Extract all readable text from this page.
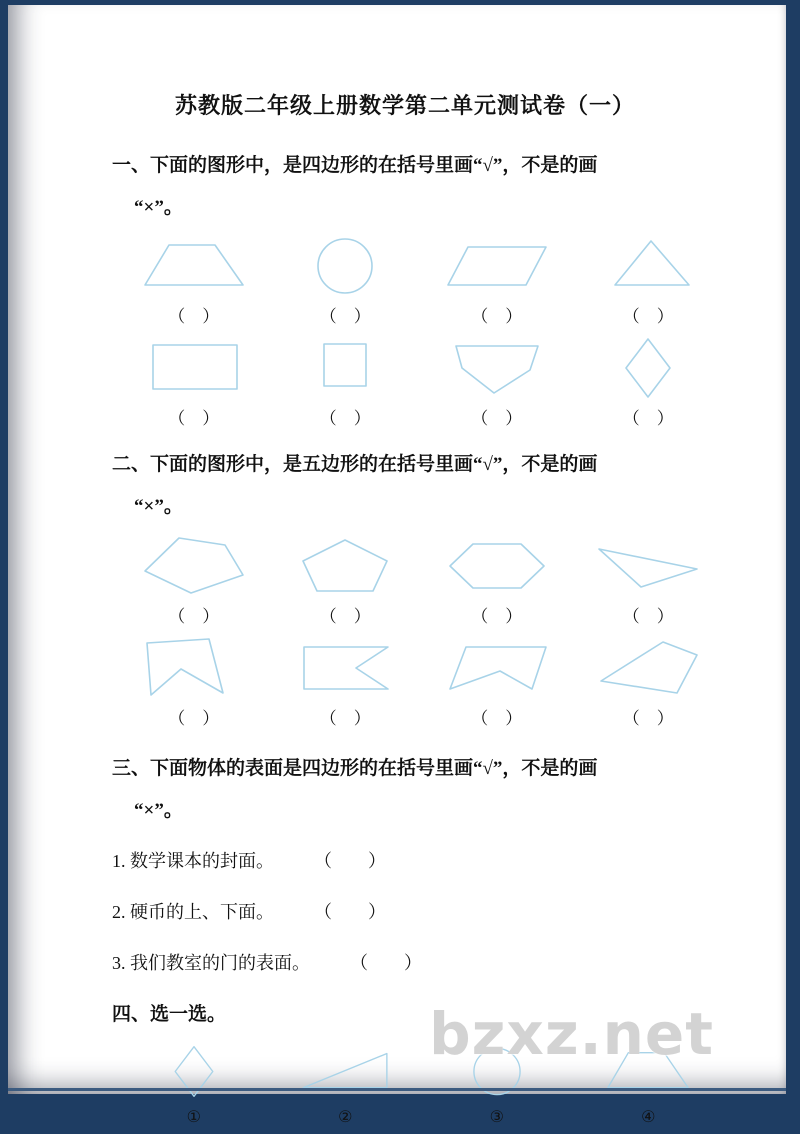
苏教版二年级上册数学第二单元测试卷（一）

一、下面的图形中，是四边形的在括号里画“√”，不是的画

“×”。

（　）	（　）	（　）	（　）
（　）	（　）	（　）	（　）

二、下面的图形中，是五边形的在括号里画“√”，不是的画

“×”。

（　）	（　）	（　）	（　）
（　）	（　）	（　）	（　）

三、下面物体的表面是四边形的在括号里画“√”，不是的画

“×”。

1. 数学课本的封面。 （　　）
2. 硬币的上、下面。 （　　）
3. 我们教室的门的表面。 （　　）

四、选一选。

①	②	③	④
bzxz.net
